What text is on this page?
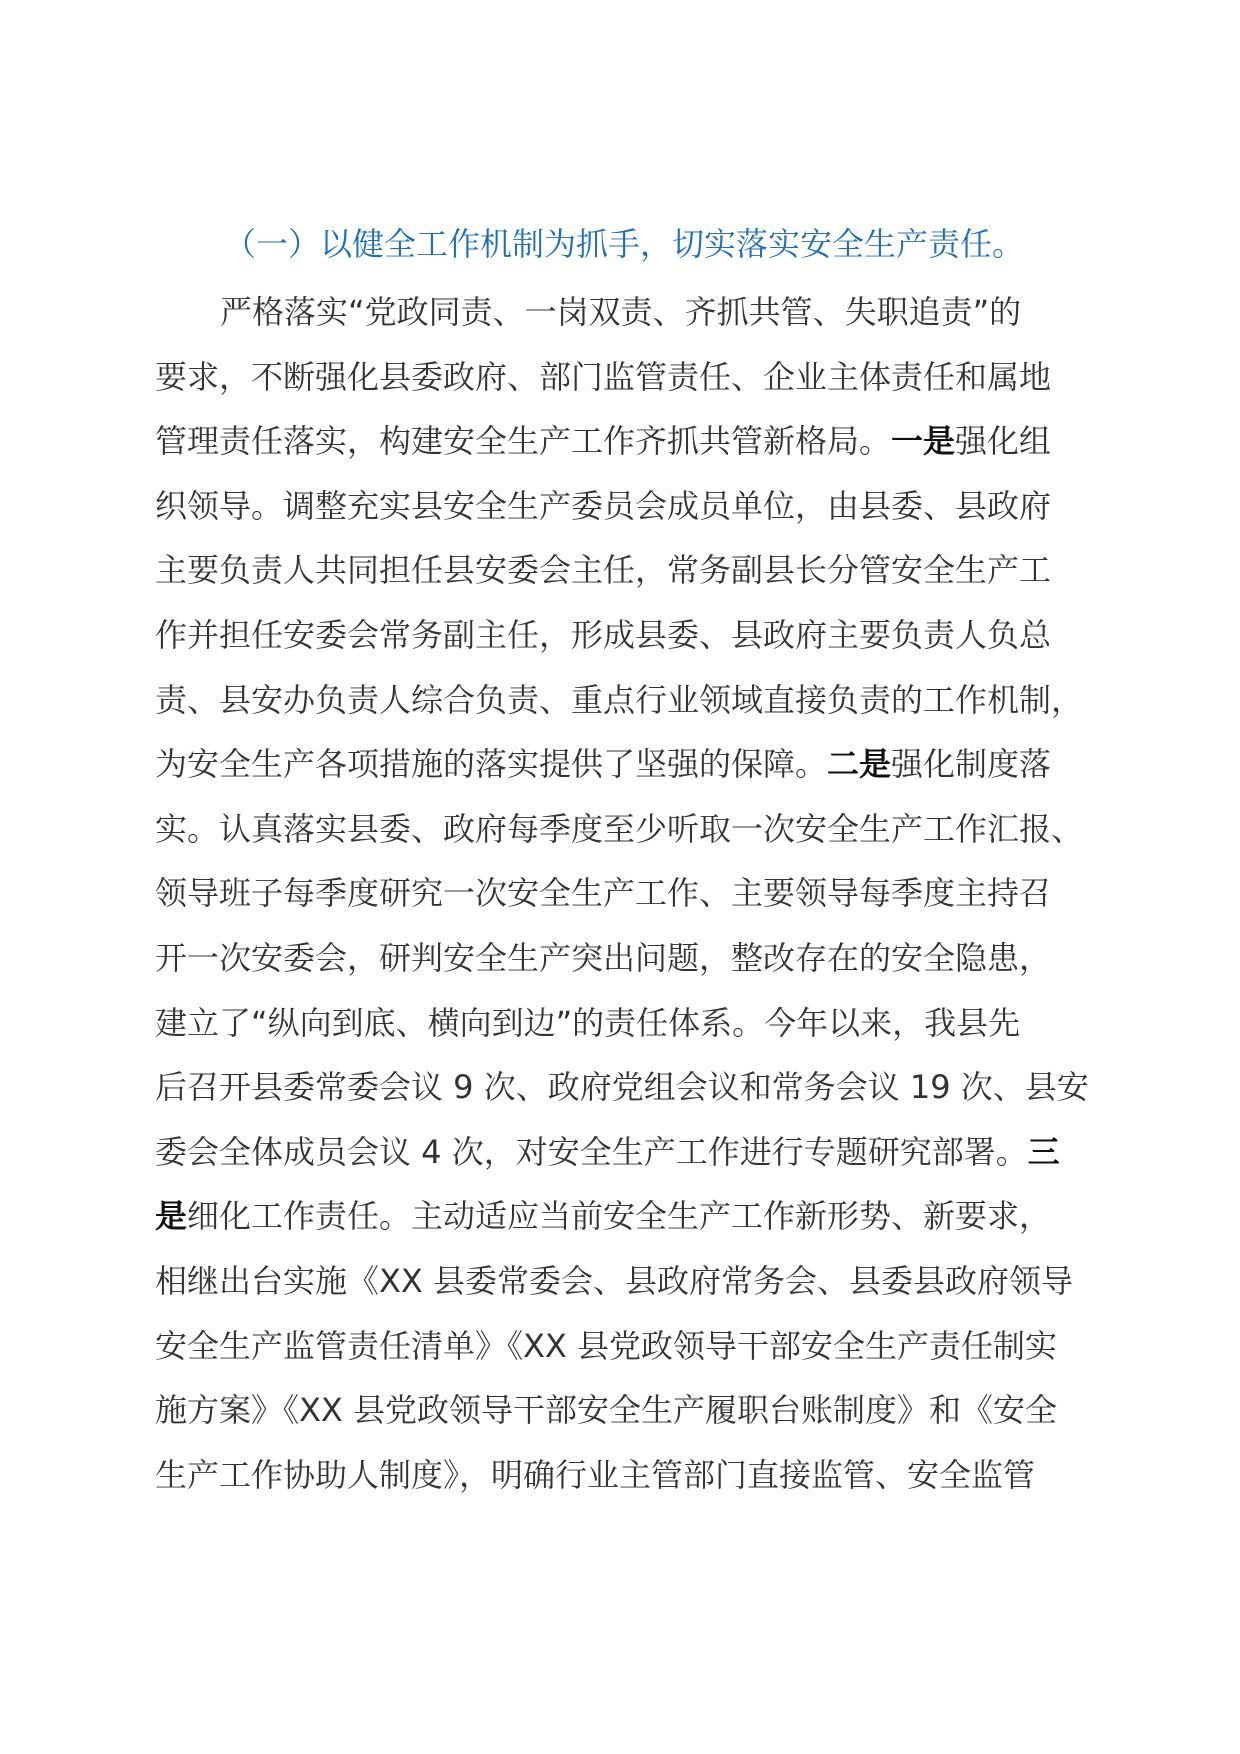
（一）以健全工作机制为抓手，切实落实安全生产责任。

严格落实“党政同责、一岗双责、齐抓共管、失职追责”的

要求，不断强化县委政府、部门监管责任、企业主体责任和属地

管理责任落实，构建安全生产工作齐抓共管新格局。一是强化组

织领导。调整充实县安全生产委员会成员单位，由县委、县政府

主要负责人共同担任县安委会主任，常务副县长分管安全生产工

作并担任安委会常务副主任，形成县委、县政府主要负责人负总

责、县安办负责人综合负责、重点行业领域直接负责的工作机制，

为安全生产各项措施的落实提供了坚强的保障。二是强化制度落

实。认真落实县委、政府每季度至少听取一次安全生产工作汇报、

领导班子每季度研究一次安全生产工作、主要领导每季度主持召

开一次安委会，研判安全生产突出问题，整改存在的安全隐患，

建立了“纵向到底、横向到边”的责任体系。今年以来，我县先

后召开县委常委会议 9 次、政府党组会议和常务会议 19 次、县安

委会全体成员会议 4 次，对安全生产工作进行专题研究部署。三

是细化工作责任。主动适应当前安全生产工作新形势、新要求，

相继出台实施《XX 县委常委会、县政府常务会、县委县政府领导

安全生产监管责任清单》《XX 县党政领导干部安全生产责任制实

施方案》《XX 县党政领导干部安全生产履职台账制度》和《安全

生产工作协助人制度》，明确行业主管部门直接监管、安全监管
